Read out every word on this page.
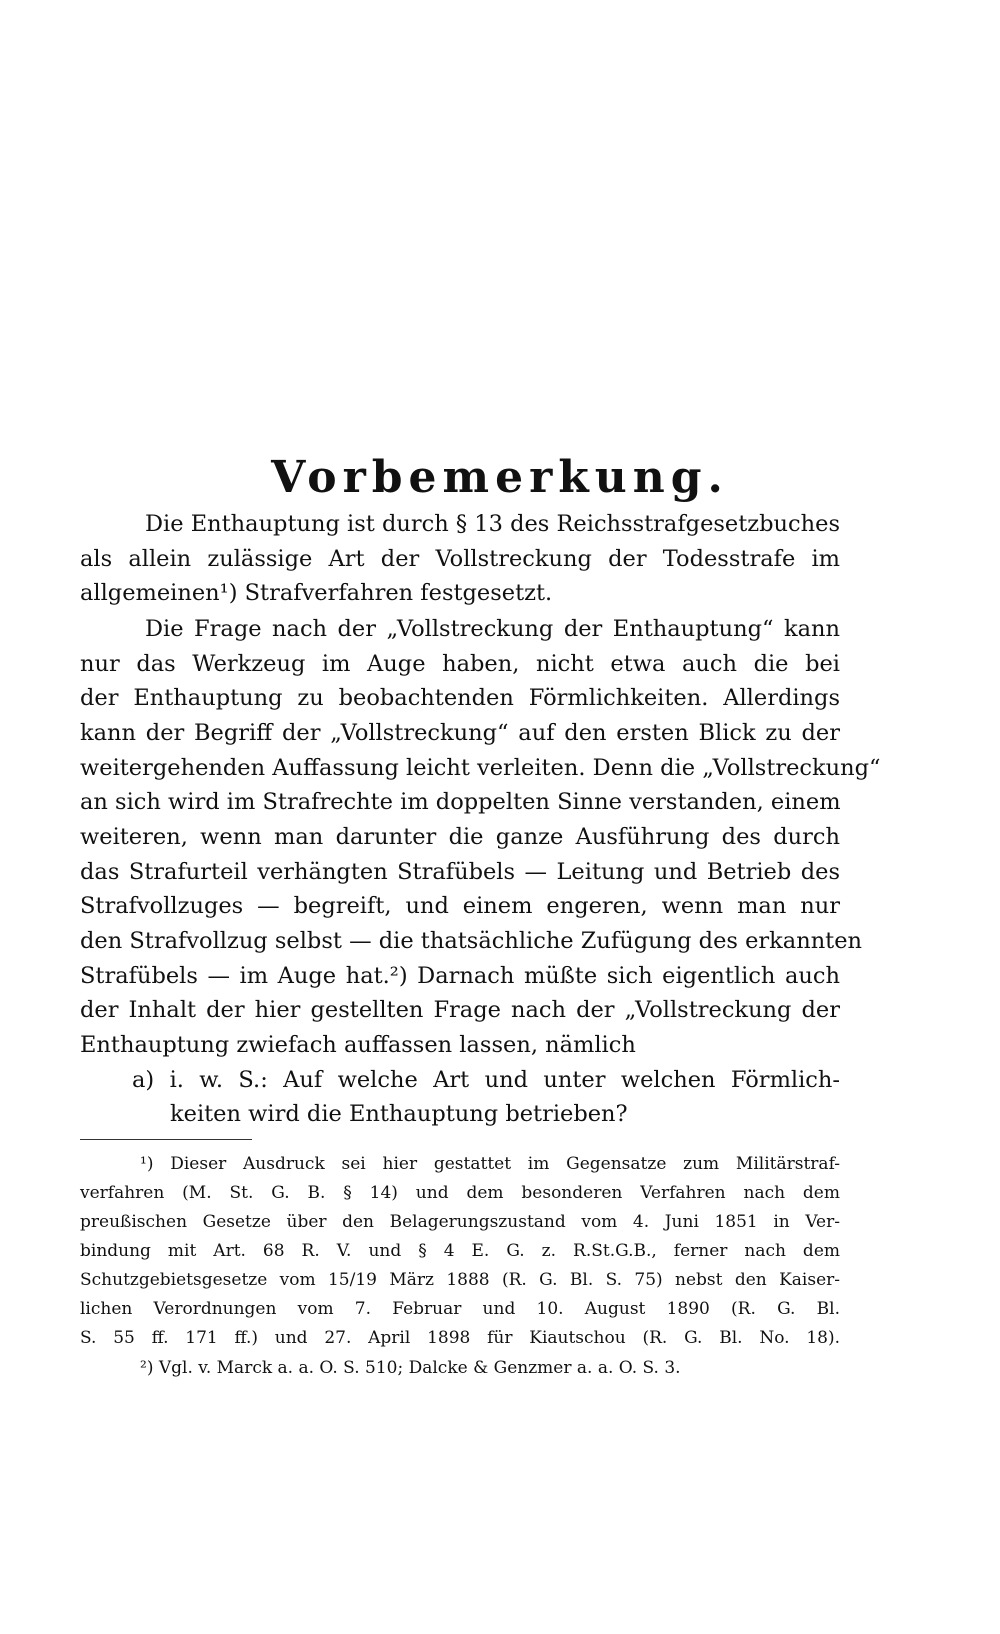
Vorbemerkung.
Die Enthauptung ist durch § 13 des Reichsstrafgesetzbuches
als allein zulässige Art der Vollstreckung der Todesstrafe im
allgemeinen¹) Strafverfahren festgesetzt.
Die Frage nach der „Vollstreckung der Enthauptung“ kann
nur das Werkzeug im Auge haben, nicht etwa auch die bei
der Enthauptung zu beobachtenden Förmlichkeiten. Allerdings
kann der Begriff der „Vollstreckung“ auf den ersten Blick zu der
weitergehenden Auffassung leicht verleiten. Denn die „Vollstreckung“
an sich wird im Strafrechte im doppelten Sinne verstanden, einem
weiteren, wenn man darunter die ganze Ausführung des durch
das Strafurteil verhängten Strafübels — Leitung und Betrieb des
Strafvollzuges — begreift, und einem engeren, wenn man nur
den Strafvollzug selbst — die thatsächliche Zufügung des erkannten
Strafübels — im Auge hat.²) Darnach müßte sich eigentlich auch
der Inhalt der hier gestellten Frage nach der „Vollstreckung der
Enthauptung zwiefach auffassen lassen, nämlich
a) i. w. S.: Auf welche Art und unter welchen Förmlich-
keiten wird die Enthauptung betrieben?
¹) Dieser Ausdruck sei hier gestattet im Gegensatze zum Militärstraf-
verfahren (M. St. G. B. § 14) und dem besonderen Verfahren nach dem
preußischen Gesetze über den Belagerungszustand vom 4. Juni 1851 in Ver-
bindung mit Art. 68 R. V. und § 4 E. G. z. R.St.G.B., ferner nach dem
Schutzgebietsgesetze vom 15/19 März 1888 (R. G. Bl. S. 75) nebst den Kaiser-
lichen Verordnungen vom 7. Februar und 10. August 1890 (R. G. Bl.
S. 55 ff. 171 ff.) und 27. April 1898 für Kiautschou (R. G. Bl. No. 18).
²) Vgl. v. Marck a. a. O. S. 510; Dalcke & Genzmer a. a. O. S. 3.
